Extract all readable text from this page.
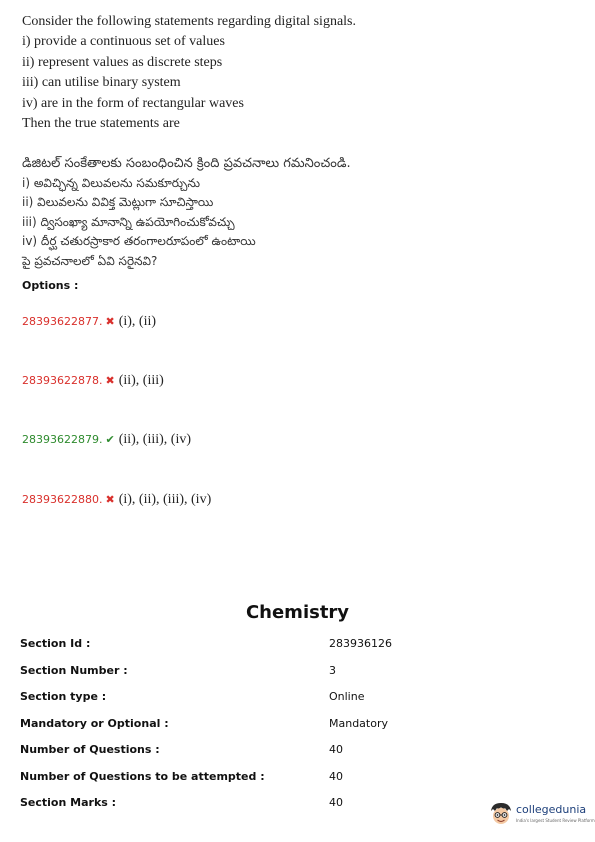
Consider the following statements regarding digital signals.
i) provide a continuous set of values
ii) represent values as discrete steps
iii) can utilise binary system
iv) are in the form of rectangular waves
Then the true statements are
డిజిటల్ సంకేతాలకు సంబంధించిన క్రింది ప్రవచనాలు గమనించండి.
i) అవిచ్ఛిన్న విలువలను సమకూర్చును
ii) విలువలను వివిక్త మెట్లుగా సూచిస్తాయి
iii) ద్విసంఖ్యా మానాన్ని ఉపయోగించుకోవచ్చు
iv) దీర్ఘ చతురస్రాకార తరంగాలరూపంలో ఉంటాయి
పై ప్రవచనాలలో ఏవి సరైనవి?
Options :
28393622877. ✖ (i), (ii)
28393622878. ✖ (ii), (iii)
28393622879. ✔ (ii), (iii), (iv)
28393622880. ✖ (i), (ii), (iii), (iv)
Chemistry
Section Id :	283936126
Section Number :	3
Section type :	Online
Mandatory or Optional :	Mandatory
Number of Questions :	40
Number of Questions to be attempted :	40
Section Marks :	40
collegedunia
India's largest Student Review Platform
